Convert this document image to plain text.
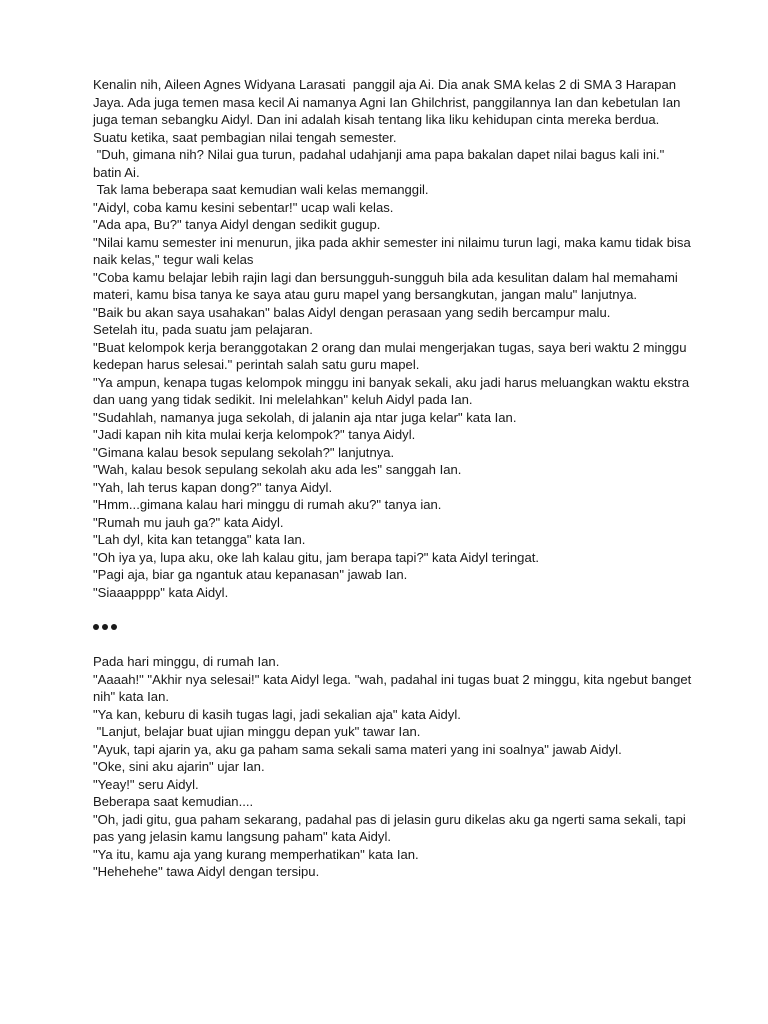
Kenalin nih, Aileen Agnes Widyana Larasati  panggil aja Ai. Dia anak SMA kelas 2 di SMA 3 Harapan Jaya. Ada juga temen masa kecil Ai namanya Agni Ian Ghilchrist, panggilannya Ian dan kebetulan Ian juga teman sebangku Aidyl. Dan ini adalah kisah tentang lika liku kehidupan cinta mereka berdua.

Suatu ketika, saat pembagian nilai tengah semester.

"Duh, gimana nih? Nilai gua turun, padahal udahjanji ama papa bakalan dapet nilai bagus kali ini." batin Ai.

Tak lama beberapa saat kemudian wali kelas memanggil.

"Aidyl, coba kamu kesini sebentar!" ucap wali kelas.

"Ada apa, Bu?" tanya Aidyl dengan sedikit gugup.

"Nilai kamu semester ini menurun, jika pada akhir semester ini nilaimu turun lagi, maka kamu tidak bisa naik kelas," tegur wali kelas

"Coba kamu belajar lebih rajin lagi dan bersungguh-sungguh bila ada kesulitan dalam hal memahami materi, kamu bisa tanya ke saya atau guru mapel yang bersangkutan, jangan malu" lanjutnya.

"Baik bu akan saya usahakan" balas Aidyl dengan perasaan yang sedih bercampur malu.

Setelah itu, pada suatu jam pelajaran.

"Buat kelompok kerja beranggotakan 2 orang dan mulai mengerjakan tugas, saya beri waktu 2 minggu kedepan harus selesai." perintah salah satu guru mapel.

"Ya ampun, kenapa tugas kelompok minggu ini banyak sekali, aku jadi harus meluangkan waktu ekstra dan uang yang tidak sedikit. Ini melelahkan" keluh Aidyl pada Ian.

"Sudahlah, namanya juga sekolah, di jalanin aja ntar juga kelar" kata Ian.

"Jadi kapan nih kita mulai kerja kelompok?" tanya Aidyl.

"Gimana kalau besok sepulang sekolah?" lanjutnya.

"Wah, kalau besok sepulang sekolah aku ada les" sanggah Ian.

"Yah, lah terus kapan dong?" tanya Aidyl.

"Hmm...gimana kalau hari minggu di rumah aku?" tanya ian.

"Rumah mu jauh ga?" kata Aidyl.

"Lah dyl, kita kan tetangga" kata Ian.

"Oh iya ya, lupa aku, oke lah kalau gitu, jam berapa tapi?" kata Aidyl teringat.

"Pagi aja, biar ga ngantuk atau kepanasan" jawab Ian.

"Siaaapppp" kata Aidyl.

Pada hari minggu, di rumah Ian.

"Aaaah!" "Akhir nya selesai!" kata Aidyl lega. "wah, padahal ini tugas buat 2 minggu, kita ngebut banget nih" kata Ian.

"Ya kan, keburu di kasih tugas lagi, jadi sekalian aja" kata Aidyl.

"Lanjut, belajar buat ujian minggu depan yuk" tawar Ian.

"Ayuk, tapi ajarin ya, aku ga paham sama sekali sama materi yang ini soalnya" jawab Aidyl.

"Oke, sini aku ajarin" ujar Ian.

"Yeay!" seru Aidyl.

Beberapa saat kemudian....

"Oh, jadi gitu, gua paham sekarang, padahal pas di jelasin guru dikelas aku ga ngerti sama sekali, tapi pas yang jelasin kamu langsung paham" kata Aidyl.

"Ya itu, kamu aja yang kurang memperhatikan" kata Ian.

"Hehehehe" tawa Aidyl dengan tersipu.
